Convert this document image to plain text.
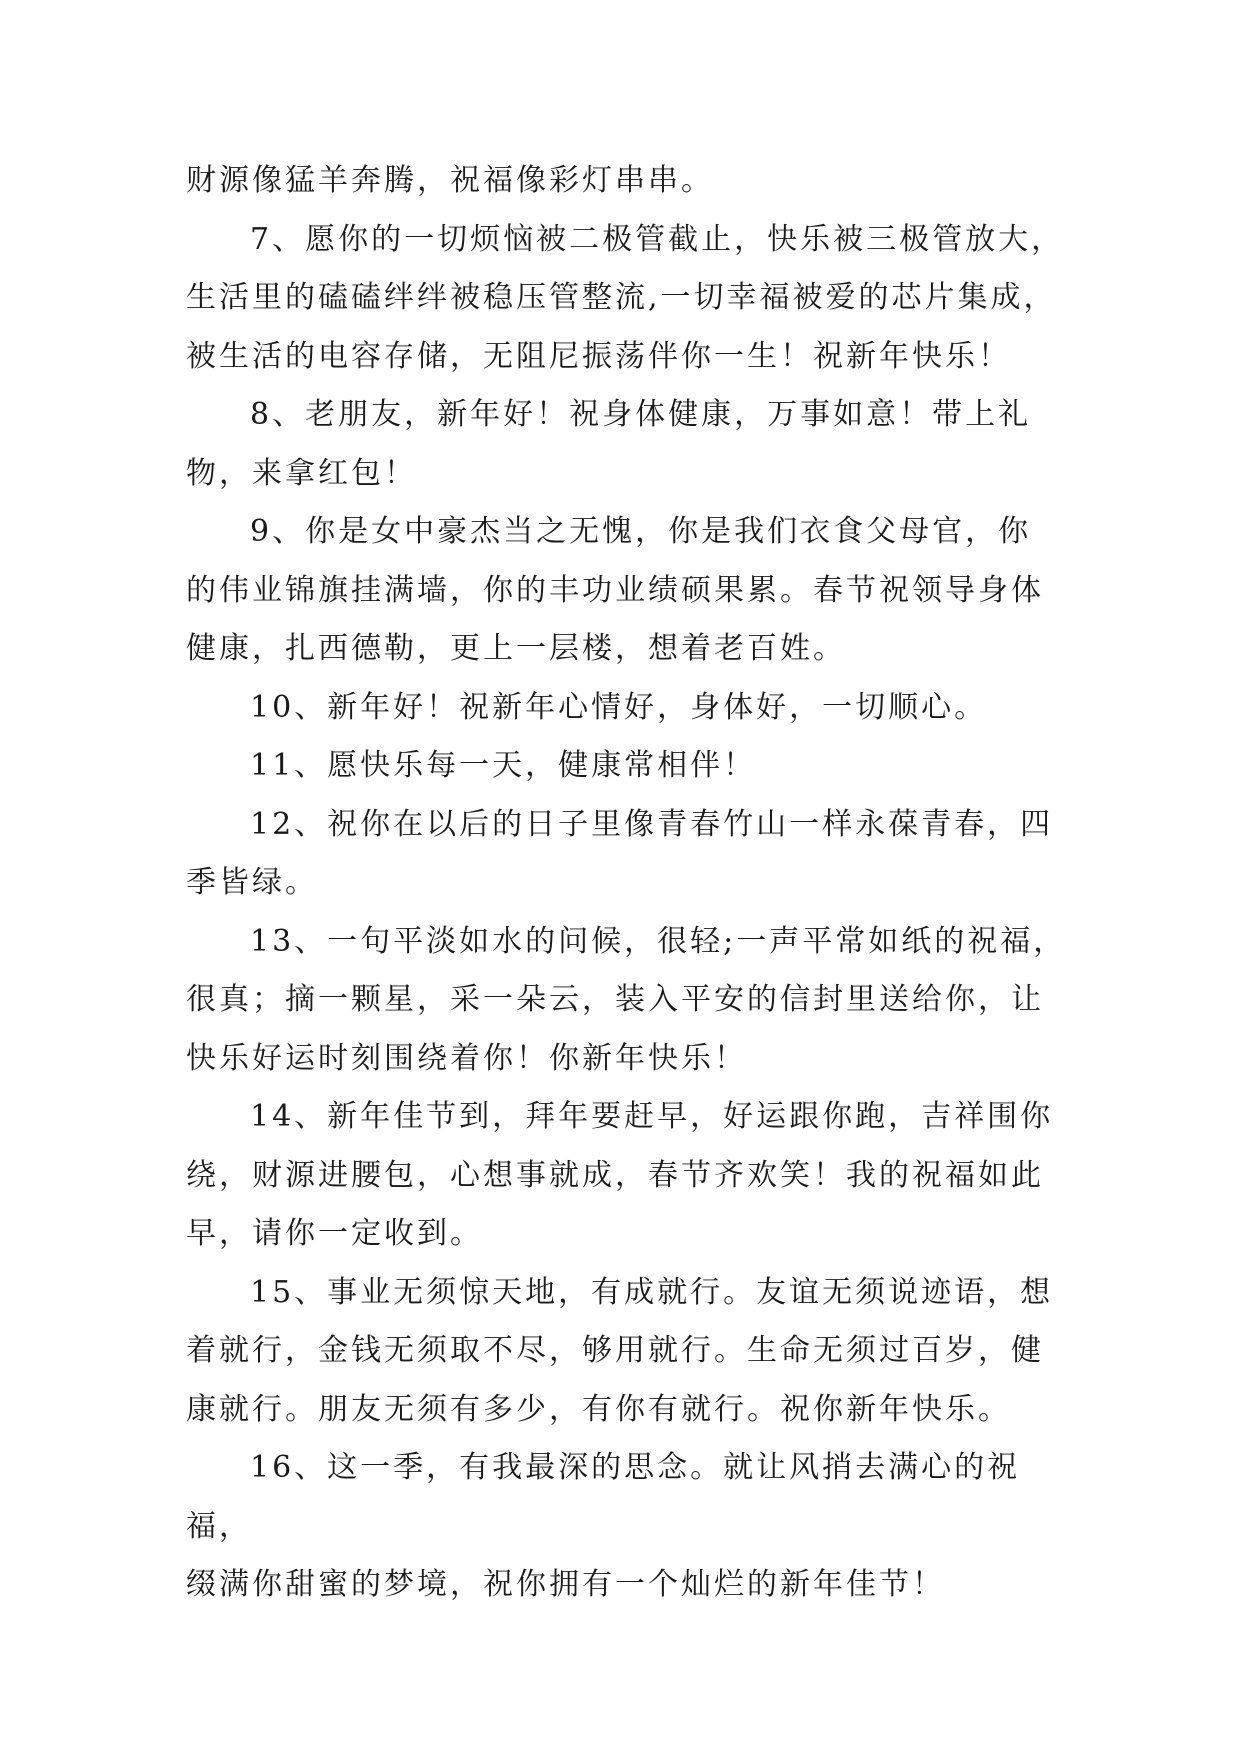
财源像猛羊奔腾，祝福像彩灯串串。

7、愿你的一切烦恼被二极管截止，快乐被三极管放大，
生活里的磕磕绊绊被稳压管整流,一切幸福被爱的芯片集成，
被生活的电容存储，无阻尼振荡伴你一生！祝新年快乐！

8、老朋友，新年好！祝身体健康，万事如意！带上礼
物，来拿红包！

9、你是女中豪杰当之无愧，你是我们衣食父母官，你
的伟业锦旗挂满墙，你的丰功业绩硕果累。春节祝领导身体
健康，扎西德勒，更上一层楼，想着老百姓。

10、新年好！祝新年心情好，身体好，一切顺心。

11、愿快乐每一天，健康常相伴！

12、祝你在以后的日子里像青春竹山一样永葆青春，四
季皆绿。

13、一句平淡如水的问候，很轻;一声平常如纸的祝福，
很真；摘一颗星，采一朵云，装入平安的信封里送给你，让
快乐好运时刻围绕着你！你新年快乐！

14、新年佳节到，拜年要赶早，好运跟你跑，吉祥围你
绕，财源进腰包，心想事就成，春节齐欢笑！我的祝福如此
早，请你一定收到。

15、事业无须惊天地，有成就行。友谊无须说迹语，想
着就行，金钱无须取不尽，够用就行。生命无须过百岁，健
康就行。朋友无须有多少，有你有就行。祝你新年快乐。

16、这一季，有我最深的思念。就让风捎去满心的祝福，
缀满你甜蜜的梦境，祝你拥有一个灿烂的新年佳节！
